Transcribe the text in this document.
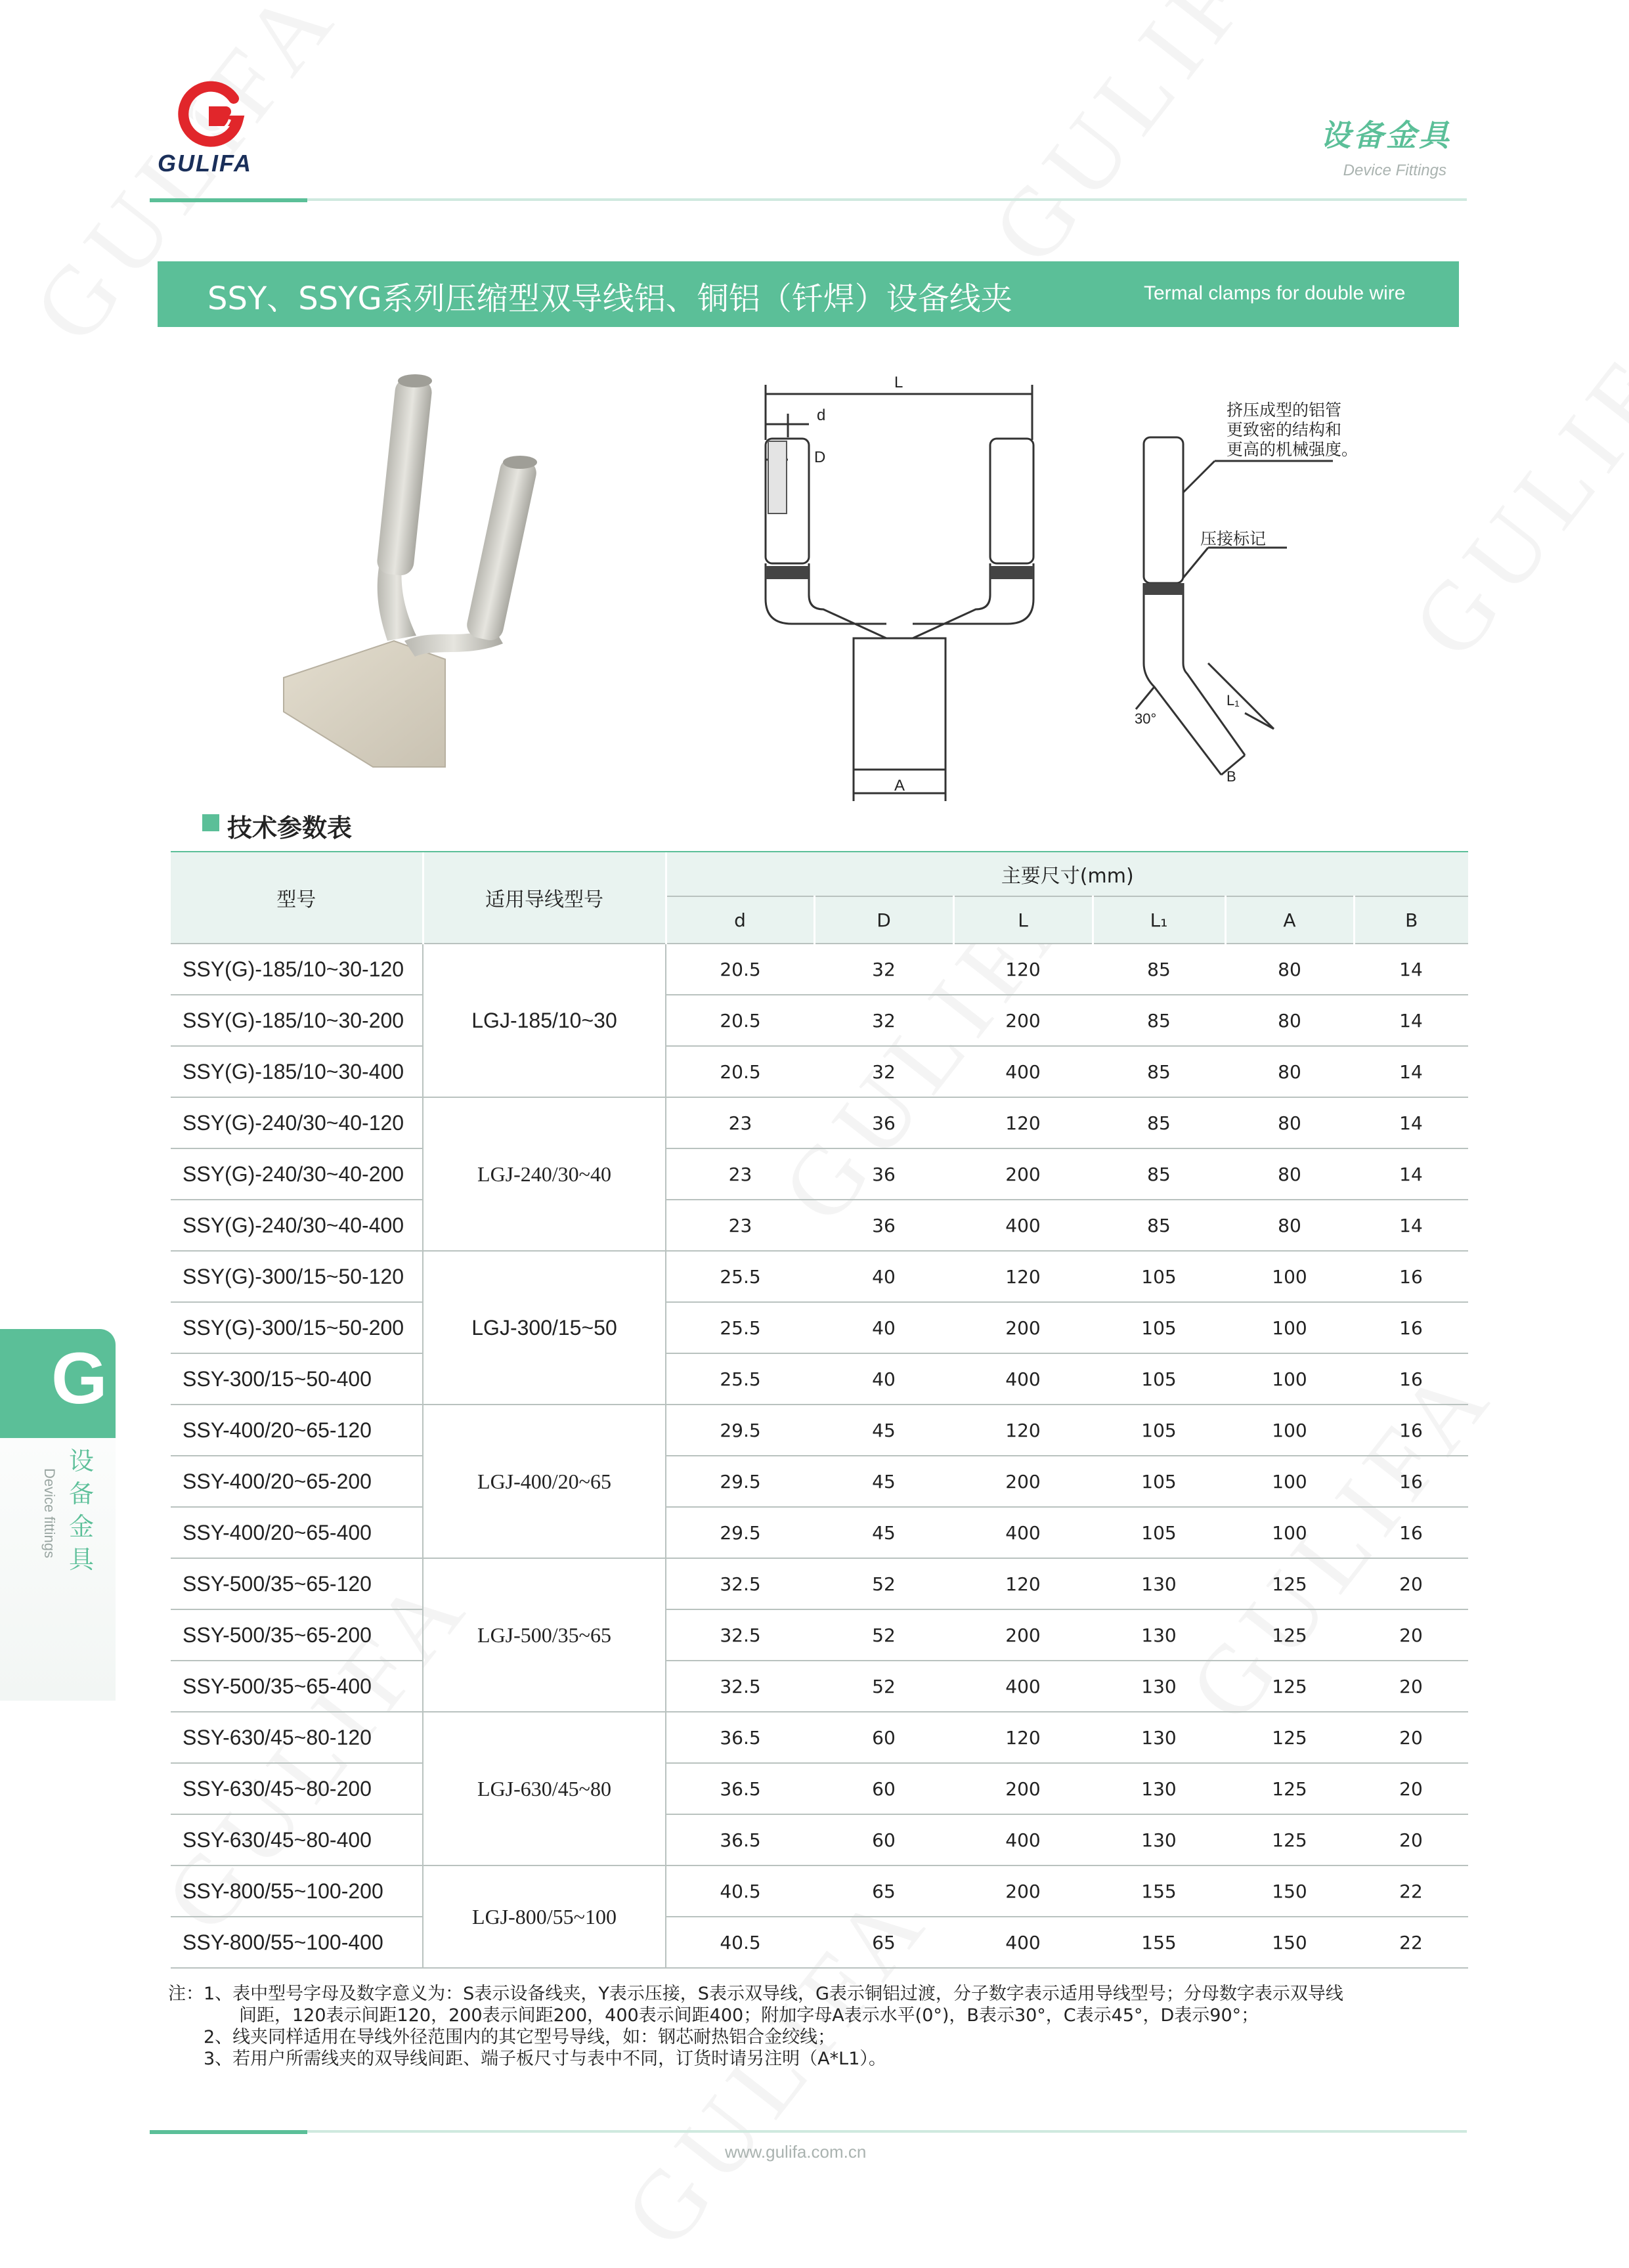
GULIFA
设备金具
Device Fittings
SSY、SSYG系列压缩型双导线铝、铜铝（钎焊）设备线夹	Termal clamps for double wire
L
d
D
A
30°
L₁
B
挤压成型的铝管
更致密的结构和
更高的机械强度。
压接标记
技术参数表
型号	适用导线型号	主要尺寸(mm)					
		d	D	L	L₁	A	B
SSY(G)-185/10~30-120	LGJ-185/10~30	20.5	32	120	85	80	14
SSY(G)-185/10~30-200		20.5	32	200	85	80	14
SSY(G)-185/10~30-400		20.5	32	400	85	80	14
SSY(G)-240/30~40-120	LGJ-240/30~40	23	36	120	85	80	14
SSY(G)-240/30~40-200		23	36	200	85	80	14
SSY(G)-240/30~40-400		23	36	400	85	80	14
SSY(G)-300/15~50-120	LGJ-300/15~50	25.5	40	120	105	100	16
SSY(G)-300/15~50-200		25.5	40	200	105	100	16
SSY-300/15~50-400		25.5	40	400	105	100	16
SSY-400/20~65-120	LGJ-400/20~65	29.5	45	120	105	100	16
SSY-400/20~65-200		29.5	45	200	105	100	16
SSY-400/20~65-400		29.5	45	400	105	100	16
SSY-500/35~65-120	LGJ-500/35~65	32.5	52	120	130	125	20
SSY-500/35~65-200		32.5	52	200	130	125	20
SSY-500/35~65-400		32.5	52	400	130	125	20
SSY-630/45~80-120	LGJ-630/45~80	36.5	60	120	130	125	20
SSY-630/45~80-200		36.5	60	200	130	125	20
SSY-630/45~80-400		36.5	60	400	130	125	20
SSY-800/55~100-200	LGJ-800/55~100	40.5	65	200	155	150	22
SSY-800/55~100-400		40.5	65	400	155	150	22
注：1、表中型号字母及数字意义为：S表示设备线夹，Y表示压接，S表示双导线，G表示铜铝过渡，分子数字表示适用导线型号；分母数字表示双导线
　　　　间距，120表示间距120，200表示间距200，400表示间距400；附加字母A表示水平(0°)，B表示30°，C表示45°，D表示90°；
　　2、线夹同样适用在导线外径范围内的其它型号导线，如：钢芯耐热铝合金绞线；
　　3、若用户所需线夹的双导线间距、端子板尺寸与表中不同，订货时请另注明（A*L1）。
G
设备金具
Device fittings
www.gulifa.com.cn
